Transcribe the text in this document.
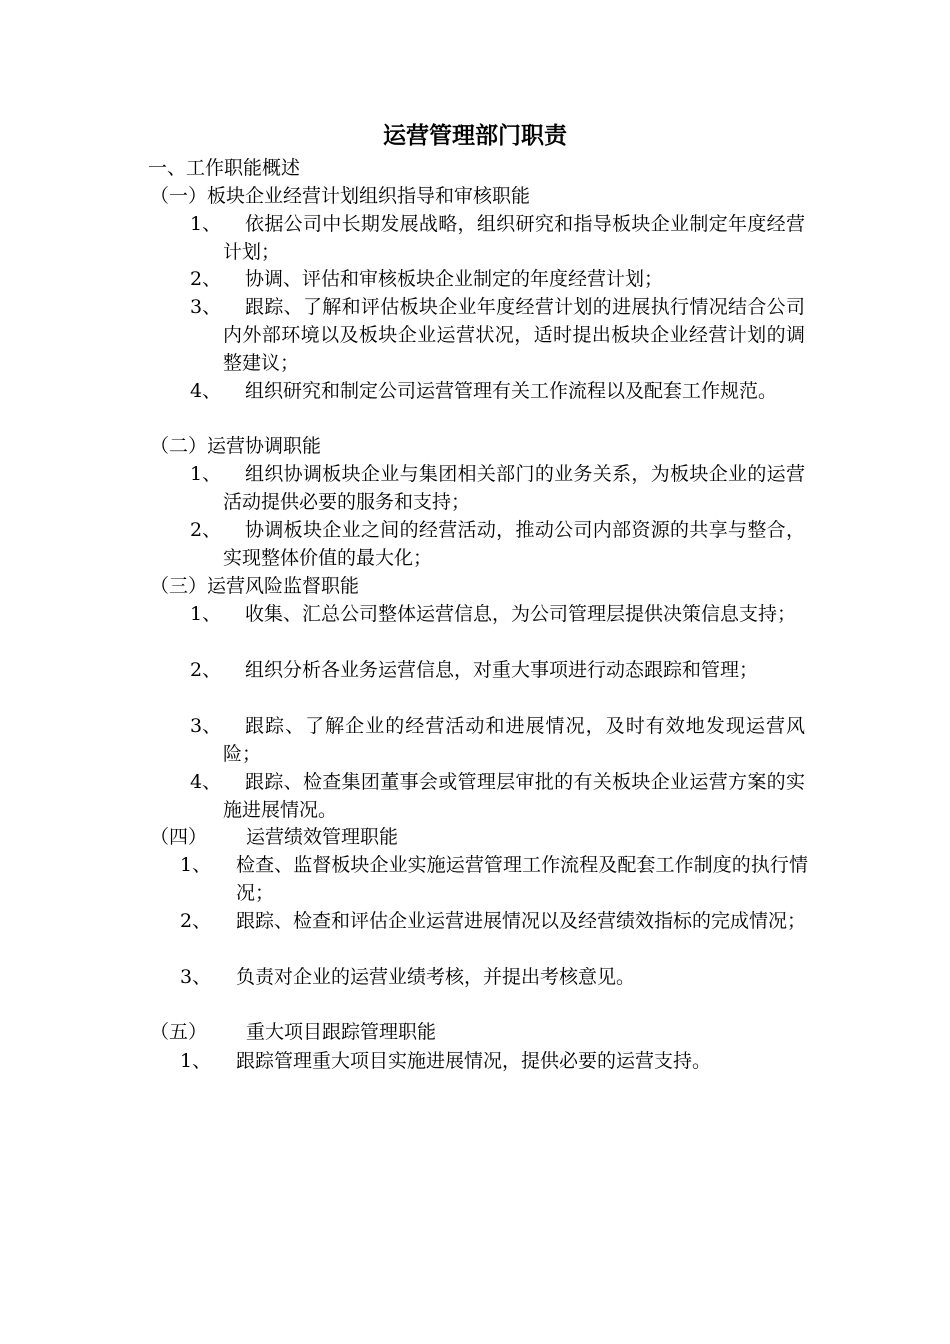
运营管理部门职责
一、工作职能概述
（一）板块企业经营计划组织指导和审核职能
1、	依据公司中长期发展战略，组织研究和指导板块企业制定年度经营计划；
2、	协调、评估和审核板块企业制定的年度经营计划；
3、	跟踪、了解和评估板块企业年度经营计划的进展执行情况结合公司内外部环境以及板块企业运营状况，适时提出板块企业经营计划的调整建议；
4、	组织研究和制定公司运营管理有关工作流程以及配套工作规范。
（二）运营协调职能
1、	组织协调板块企业与集团相关部门的业务关系，为板块企业的运营活动提供必要的服务和支持；
2、	协调板块企业之间的经营活动，推动公司内部资源的共享与整合，实现整体价值的最大化；
（三）运营风险监督职能
1、	收集、汇总公司整体运营信息，为公司管理层提供决策信息支持；
2、	组织分析各业务运营信息，对重大事项进行动态跟踪和管理；
3、	跟踪、了解企业的经营活动和进展情况，及时有效地发现运营风险；
4、	跟踪、检查集团董事会或管理层审批的有关板块企业运营方案的实施进展情况。
（四） 运营绩效管理职能
1、 检查、监督板块企业实施运营管理工作流程及配套工作制度的执行情况；
2、 跟踪、检查和评估企业运营进展情况以及经营绩效指标的完成情况；
3、 负责对企业的运营业绩考核，并提出考核意见。
（五） 重大项目跟踪管理职能
1、 跟踪管理重大项目实施进展情况，提供必要的运营支持。
